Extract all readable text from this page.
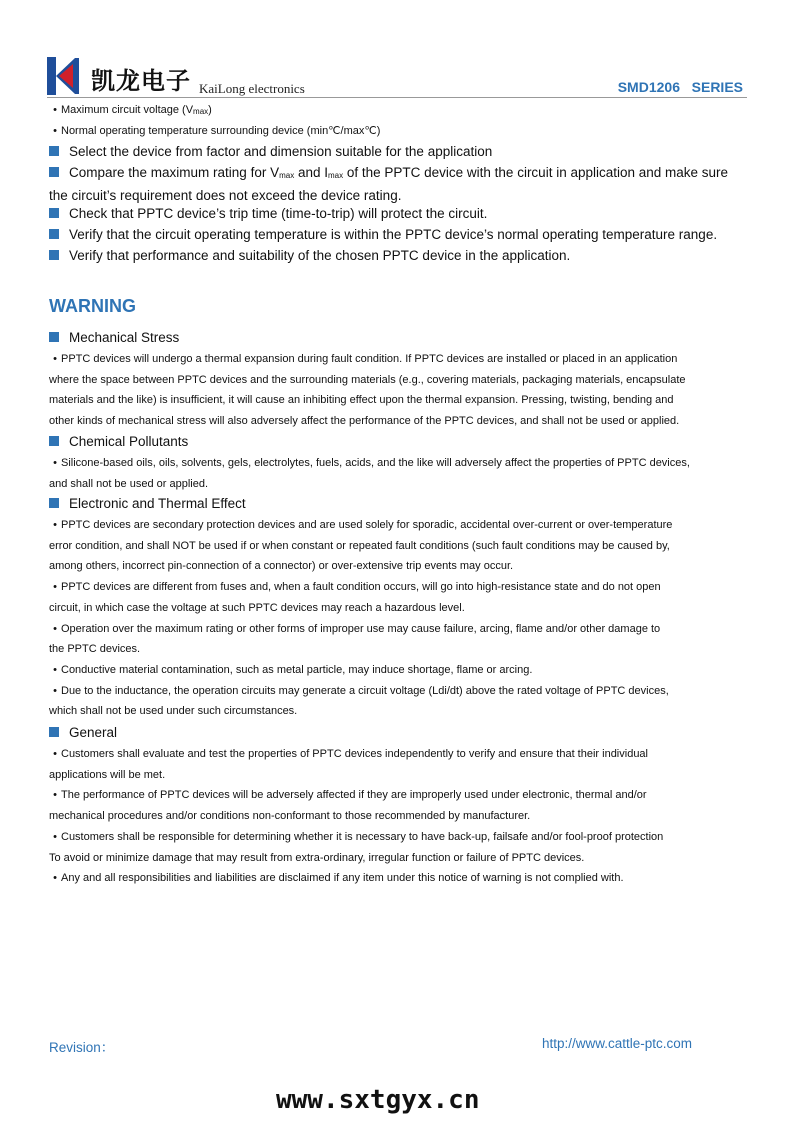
凯龙电子 KaiLong electronics	SMD1206   SERIES
• Maximum circuit voltage $(V_{max})$
• Normal operating temperature surrounding device (min℃/max℃)
Select the device from factor and dimension suitable for the application
Compare the maximum rating for $V_{max}$ and $I_{max}$ of the PPTC device with the circuit in application and make sure
the circuit’s requirement does not exceed the device rating.
Check that PPTC device’s trip time (time-to-trip) will protect the circuit.
Verify that the circuit operating temperature is within the PPTC device’s normal operating temperature range.
Verify that performance and suitability of the chosen PPTC device in the application.
WARNING
Mechanical Stress
• PPTC devices will undergo a thermal expansion during fault condition. If PPTC devices are installed or placed in an application
where the space between PPTC devices and the surrounding materials (e.g., covering materials, packaging materials, encapsulate
materials and the like) is insufficient, it will cause an inhibiting effect upon the thermal expansion. Pressing, twisting, bending and
other kinds of mechanical stress will also adversely affect the performance of the PPTC devices, and shall not be used or applied.
Chemical Pollutants
• Silicone-based oils, oils, solvents, gels, electrolytes, fuels, acids, and the like will adversely affect the properties of PPTC devices,
and shall not be used or applied.
Electronic and Thermal Effect
• PPTC devices are secondary protection devices and are used solely for sporadic, accidental over-current or over-temperature
error condition, and shall NOT be used if or when constant or repeated fault conditions (such fault conditions may be caused by,
among others, incorrect pin-connection of a connector) or over-extensive trip events may occur.
• PPTC devices are different from fuses and, when a fault condition occurs, will go into high-resistance state and do not open
circuit, in which case the voltage at such PPTC devices may reach a hazardous level.
• Operation over the maximum rating or other forms of improper use may cause failure, arcing, flame and/or other damage to
the PPTC devices.
• Conductive material contamination, such as metal particle, may induce shortage, flame or arcing.
• Due to the inductance, the operation circuits may generate a circuit voltage (Ldi/dt) above the rated voltage of PPTC devices,
which shall not be used under such circumstances.
General
• Customers shall evaluate and test the properties of PPTC devices independently to verify and ensure that their individual
applications will be met.
• The performance of PPTC devices will be adversely affected if they are improperly used under electronic, thermal and/or
mechanical procedures and/or conditions non-conformant to those recommended by manufacturer.
• Customers shall be responsible for determining whether it is necessary to have back-up, failsafe and/or fool-proof protection
To avoid or minimize damage that may result from extra-ordinary, irregular function or failure of PPTC devices.
• Any and all responsibilities and liabilities are disclaimed if any item under this notice of warning is not complied with.
Revision：	http://www.cattle-ptc.com
www.sxtgyx.cn
